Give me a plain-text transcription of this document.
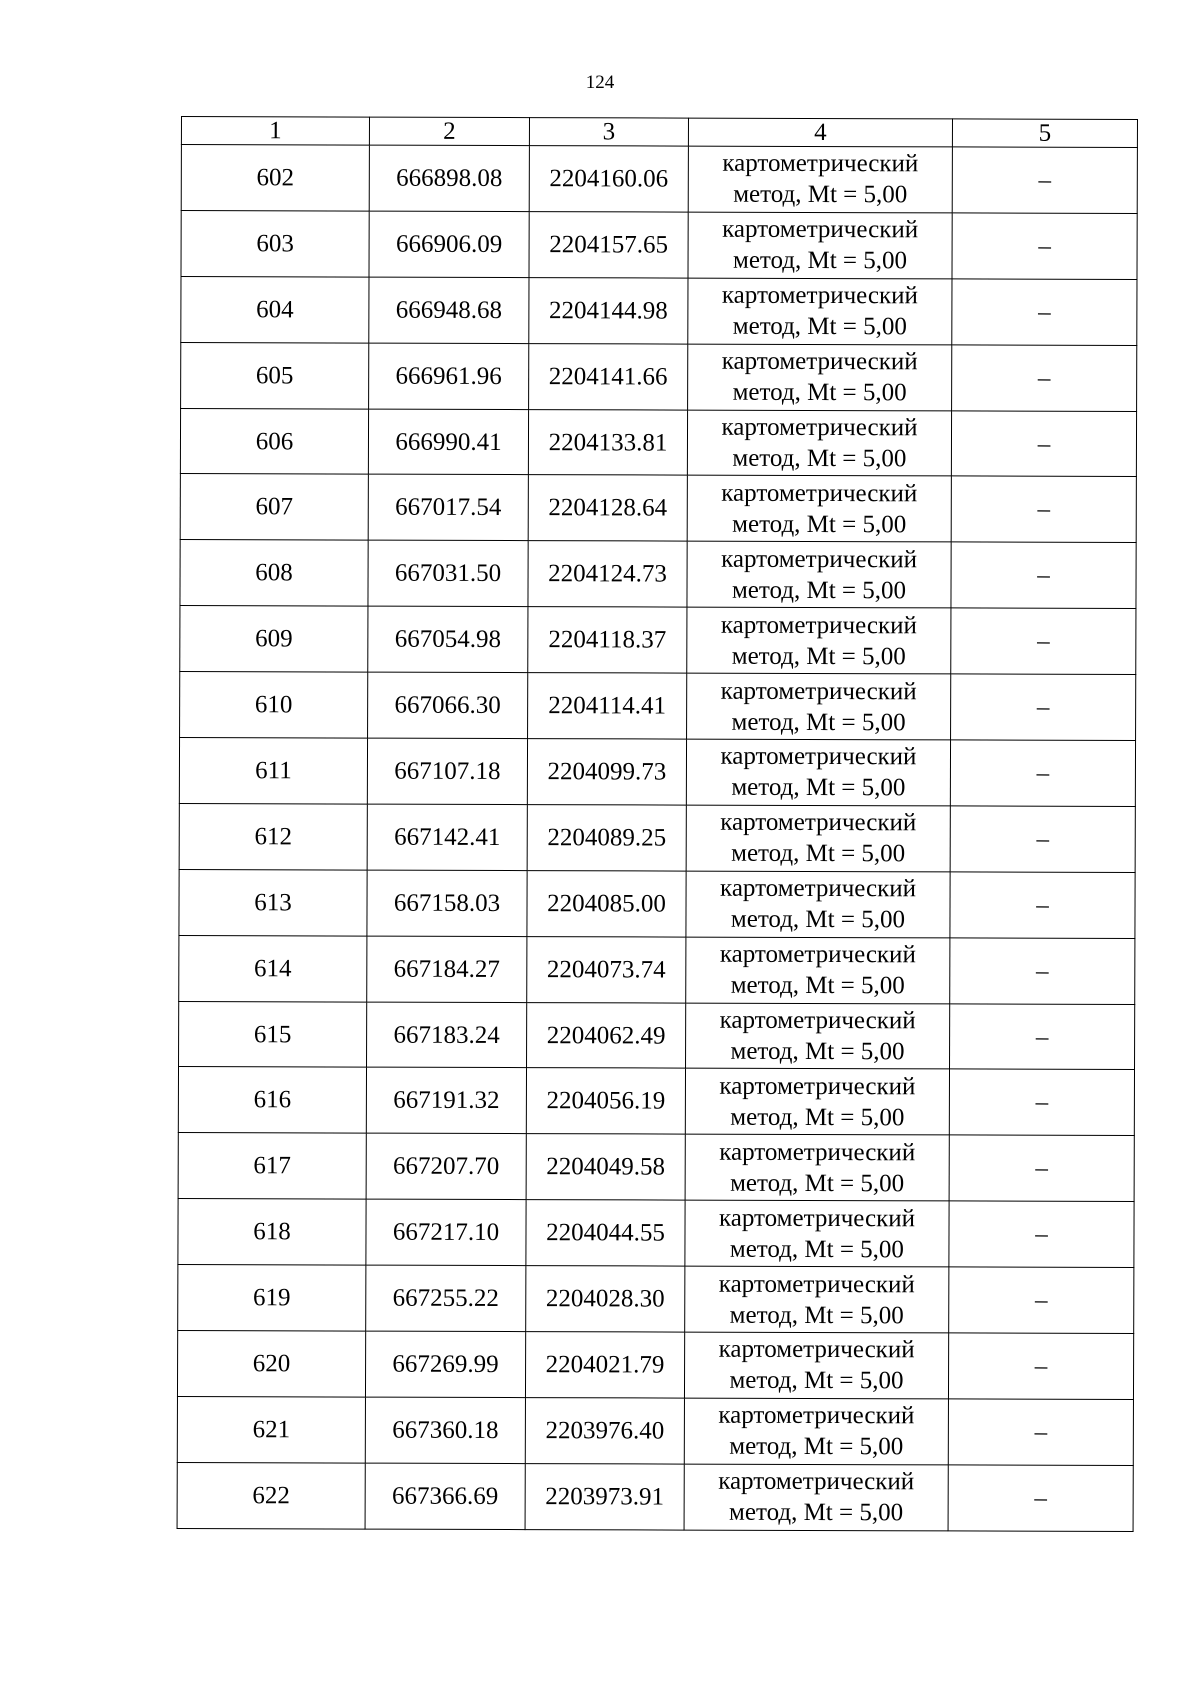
124
1	2	3	4	5
602	666898.08	2204160.06	картометрический
метод, Mt = 5,00	–
603	666906.09	2204157.65	картометрический
метод, Mt = 5,00	–
604	666948.68	2204144.98	картометрический
метод, Mt = 5,00	–
605	666961.96	2204141.66	картометрический
метод, Mt = 5,00	–
606	666990.41	2204133.81	картометрический
метод, Mt = 5,00	–
607	667017.54	2204128.64	картометрический
метод, Mt = 5,00	–
608	667031.50	2204124.73	картометрический
метод, Mt = 5,00	–
609	667054.98	2204118.37	картометрический
метод, Mt = 5,00	–
610	667066.30	2204114.41	картометрический
метод, Mt = 5,00	–
611	667107.18	2204099.73	картометрический
метод, Mt = 5,00	–
612	667142.41	2204089.25	картометрический
метод, Mt = 5,00	–
613	667158.03	2204085.00	картометрический
метод, Mt = 5,00	–
614	667184.27	2204073.74	картометрический
метод, Mt = 5,00	–
615	667183.24	2204062.49	картометрический
метод, Mt = 5,00	–
616	667191.32	2204056.19	картометрический
метод, Mt = 5,00	–
617	667207.70	2204049.58	картометрический
метод, Mt = 5,00	–
618	667217.10	2204044.55	картометрический
метод, Mt = 5,00	–
619	667255.22	2204028.30	картометрический
метод, Mt = 5,00	–
620	667269.99	2204021.79	картометрический
метод, Mt = 5,00	–
621	667360.18	2203976.40	картометрический
метод, Mt = 5,00	–
622	667366.69	2203973.91	картометрический
метод, Mt = 5,00	–
